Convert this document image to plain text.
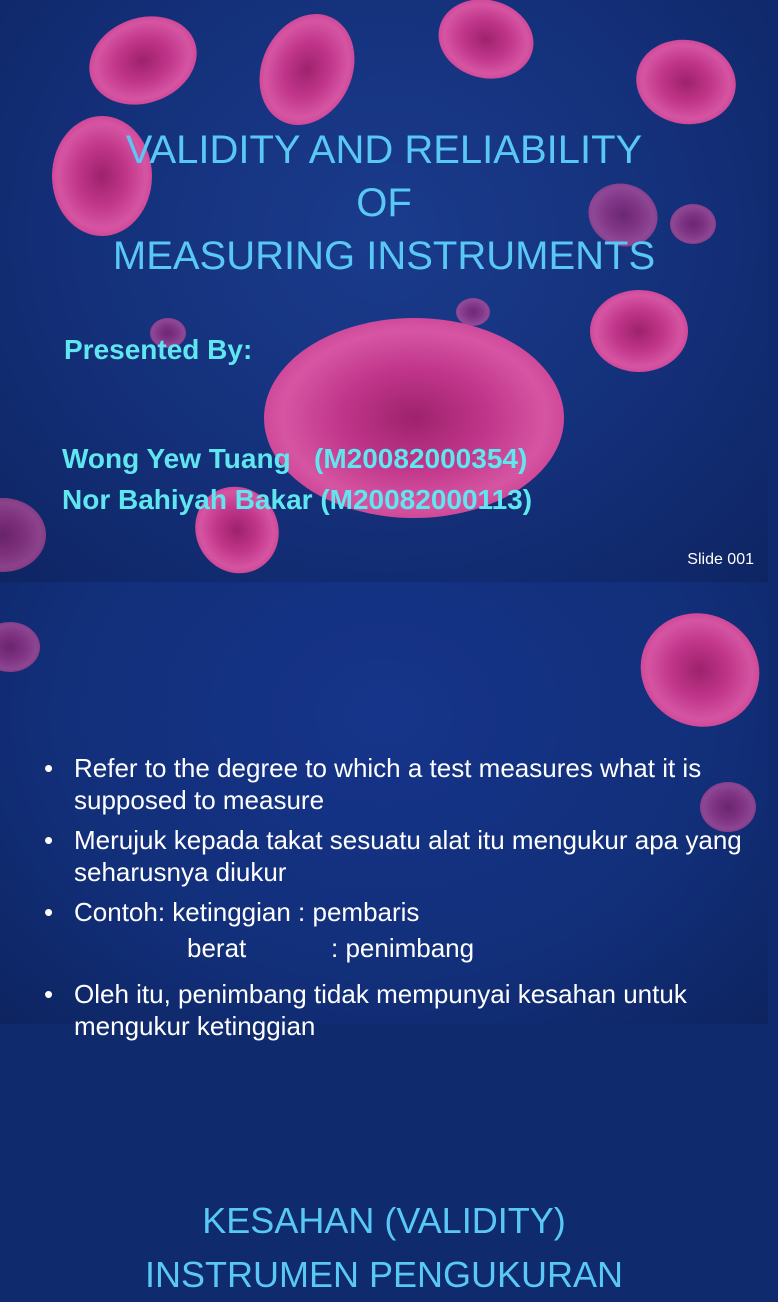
VALIDITY AND RELIABILITY
OF
MEASURING INSTRUMENTS
Presented By:
Wong Yew Tuang   (M20082000354)
Nor Bahiyah Bakar (M20082000113)
Slide 001
KESAHAN (VALIDITY)
INSTRUMEN PENGUKURAN
• Refer to the degree to which a test measures what it is supposed to measure
• Merujuk kepada takat sesuatu alat itu mengukur apa yang seharusnya diukur
• Contoh: ketinggian : pembaris
berat	: penimbang
• Oleh itu, penimbang tidak mempunyai kesahan untuk mengukur ketinggian
